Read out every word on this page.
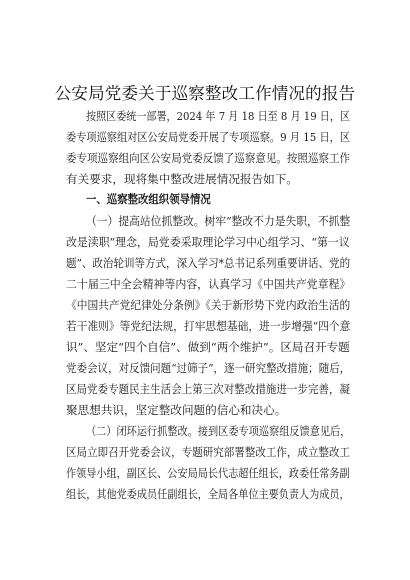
公安局党委关于巡察整改工作情况的报告
按照区委统一部署，2024 年 7 月 18 日至 8 月 19 日，区
委专项巡察组对区公安局党委开展了专项巡察。9 月 15 日，区
委专项巡察组向区公安局党委反馈了巡察意见。按照巡察工作
有关要求，现将集中整改进展情况报告如下。
一、巡察整改组织领导情况
（一）提高站位抓整改。树牢“整改不力是失职，不抓整
改是渎职”理念，局党委采取理论学习中心组学习、“第一议
题”、政治轮训等方式，深入学习*总书记系列重要讲话、党的
二十届三中全会精神等内容，认真学习《中国共产党章程》
《中国共产党纪律处分条例》《关于新形势下党内政治生活的
若干准则》等党纪法规，打牢思想基础，进一步增强“四个意
识”、坚定“四个自信”、做到“两个维护”。区局召开专题
党委会议，对反馈问题“过筛子”，逐一研究整改措施；随后，
区局党委专题民主生活会上第三次对整改措施进一步完善，凝
聚思想共识，坚定整改问题的信心和决心。
（二）闭环运行抓整改。接到区委专项巡察组反馈意见后，
区局立即召开党委会议，专题研究部署整改工作，成立整改工
作领导小组，副区长、公安局局长代志超任组长，政委任常务副
组长，其他党委成员任副组长，全局各单位主要负责人为成员，
